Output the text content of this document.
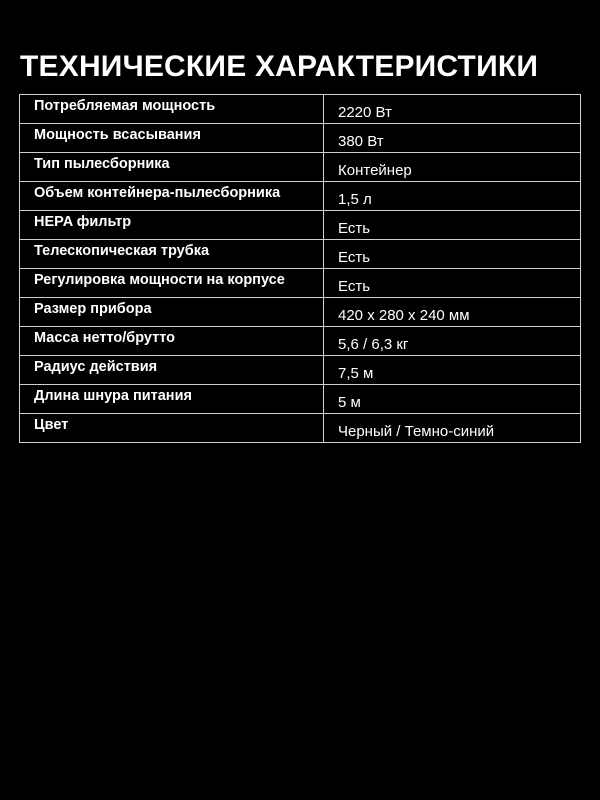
ТЕХНИЧЕСКИЕ ХАРАКТЕРИСТИКИ
Потребляемая мощность	2220 Вт
Мощность всасывания	380 Вт
Тип пылесборника	Контейнер
Объем контейнера-пылесборника	1,5 л
HEPA фильтр	Есть
Телескопическая трубка	Есть
Регулировка мощности на корпусе	Есть
Размер прибора	420 x 280 x 240 мм
Масса нетто/брутто	5,6 / 6,3 кг
Радиус действия	7,5 м
Длина шнура питания	5 м
Цвет	Черный / Темно-синий
